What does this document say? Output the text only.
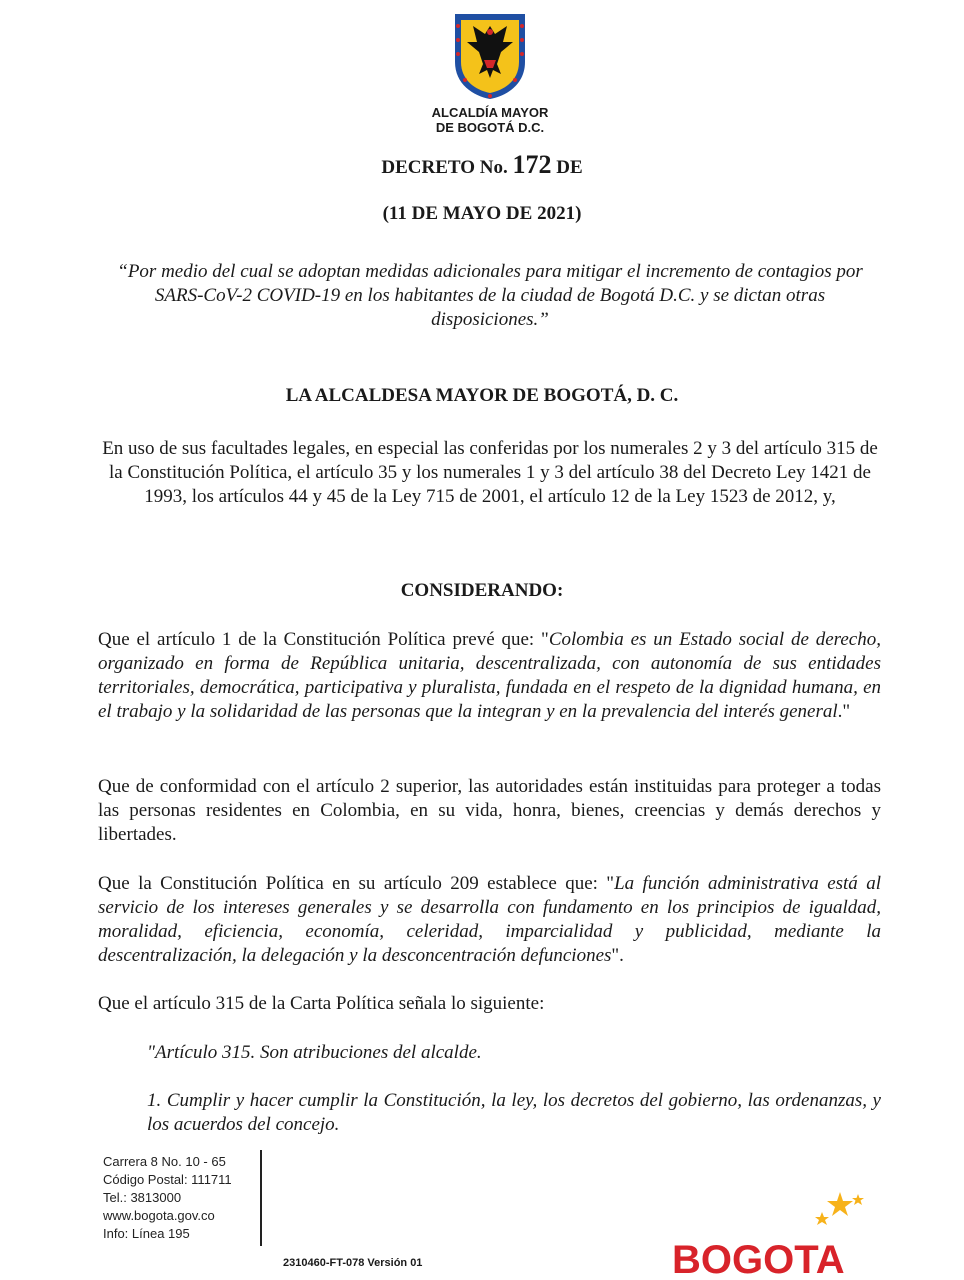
ALCALDÍA MAYOR
DE BOGOTÁ D.C.
DECRETO No. 172 DE
(11 DE MAYO DE 2021)
“Por medio del cual se adoptan medidas adicionales para mitigar el incremento de contagios por SARS-CoV-2 COVID-19 en los habitantes de la ciudad de Bogotá D.C. y se dictan otras disposiciones.”
LA ALCALDESA MAYOR DE BOGOTÁ, D. C.
En uso de sus facultades legales, en especial las conferidas por los numerales 2 y 3 del artículo 315 de la Constitución Política, el artículo 35 y los numerales 1 y 3 del artículo 38 del Decreto Ley 1421 de 1993, los artículos 44 y 45 de la Ley 715 de 2001, el artículo 12 de la Ley 1523 de 2012, y,
CONSIDERANDO:
Que el artículo 1 de la Constitución Política prevé que: "Colombia es un Estado social de derecho, organizado en forma de República unitaria, descentralizada, con autonomía de sus entidades territoriales, democrática, participativa y pluralista, fundada en el respeto de la dignidad humana, en el trabajo y la solidaridad de las personas que la integran y en la prevalencia del interés general."
Que de conformidad con el artículo 2 superior, las autoridades están instituidas para proteger a todas las personas residentes en Colombia, en su vida, honra, bienes, creencias y demás derechos y libertades.
Que la Constitución Política en su artículo 209 establece que: "La función administrativa está al servicio de los intereses generales y se desarrolla con fundamento en los principios de igualdad, moralidad, eficiencia, economía, celeridad, imparcialidad y publicidad, mediante la descentralización, la delegación y la desconcentración defunciones".
Que el artículo 315 de la Carta Política señala lo siguiente:
"Artículo 315. Son atribuciones del alcalde.
1. Cumplir y hacer cumplir la Constitución, la ley, los decretos del gobierno, las ordenanzas, y los acuerdos del concejo.
Carrera 8 No. 10 - 65
Código Postal: 111711
Tel.: 3813000
www.bogota.gov.co
Info: Línea 195
2310460-FT-078 Versión 01	BOGOTA
